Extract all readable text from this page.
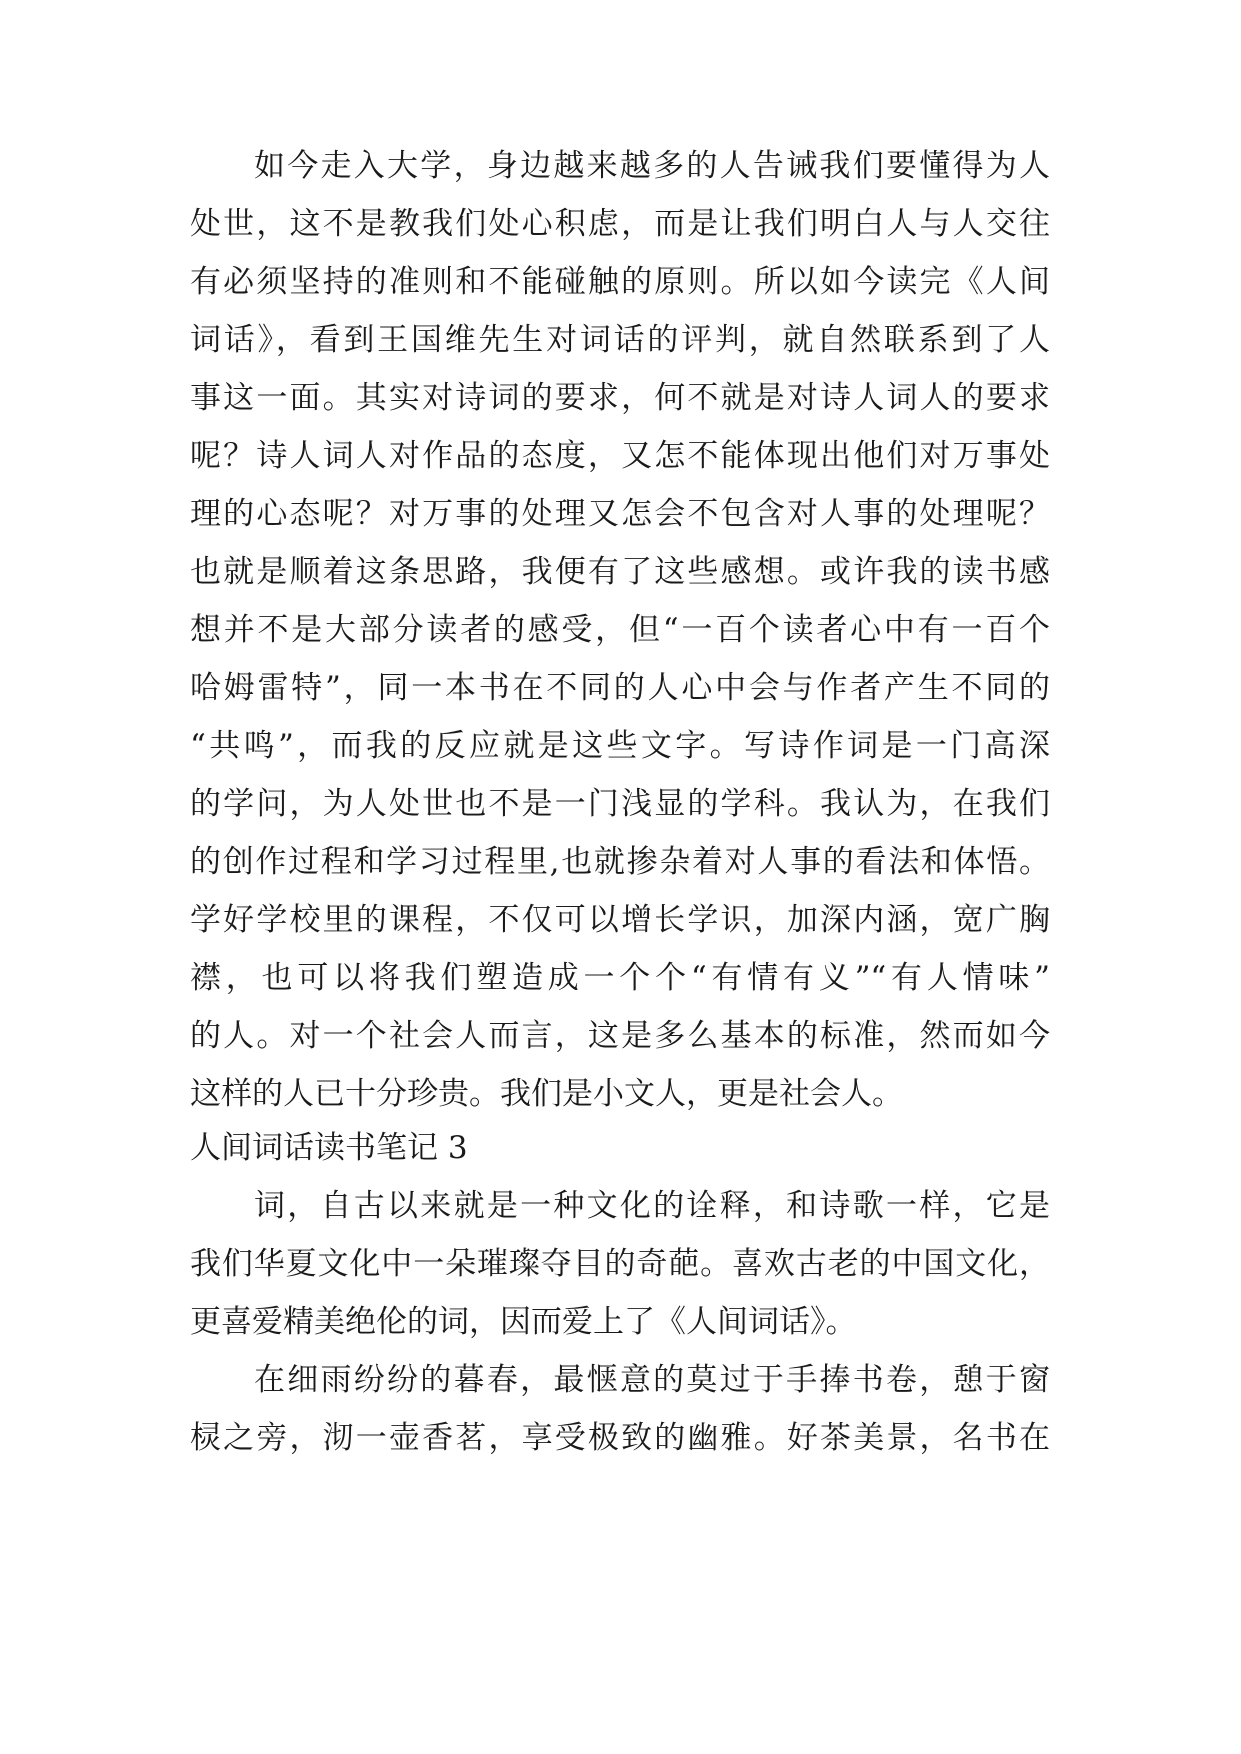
如今走入大学，身边越来越多的人告诫我们要懂得为人
处世，这不是教我们处心积虑，而是让我们明白人与人交往
有必须坚持的准则和不能碰触的原则。所以如今读完《人间
词话》，看到王国维先生对词话的评判，就自然联系到了人
事这一面。其实对诗词的要求，何不就是对诗人词人的要求
呢？诗人词人对作品的态度，又怎不能体现出他们对万事处
理的心态呢？对万事的处理又怎会不包含对人事的处理呢？
也就是顺着这条思路，我便有了这些感想。或许我的读书感
想并不是大部分读者的感受，但“一百个读者心中有一百个
哈姆雷特”，同一本书在不同的人心中会与作者产生不同的
“共鸣”，而我的反应就是这些文字。写诗作词是一门高深
的学问，为人处世也不是一门浅显的学科。我认为，在我们
的创作过程和学习过程里,也就掺杂着对人事的看法和体悟。
学好学校里的课程，不仅可以增长学识，加深内涵，宽广胸
襟，也可以将我们塑造成一个个“有情有义”“有人情味”
的人。对一个社会人而言，这是多么基本的标准，然而如今
这样的人已十分珍贵。我们是小文人，更是社会人。
人间词话读书笔记 3
词，自古以来就是一种文化的诠释，和诗歌一样，它是
我们华夏文化中一朵璀璨夺目的奇葩。喜欢古老的中国文化，
更喜爱精美绝伦的词，因而爱上了《人间词话》。
在细雨纷纷的暮春，最惬意的莫过于手捧书卷，憩于窗
棂之旁，沏一壶香茗，享受极致的幽雅。好茶美景，名书在
